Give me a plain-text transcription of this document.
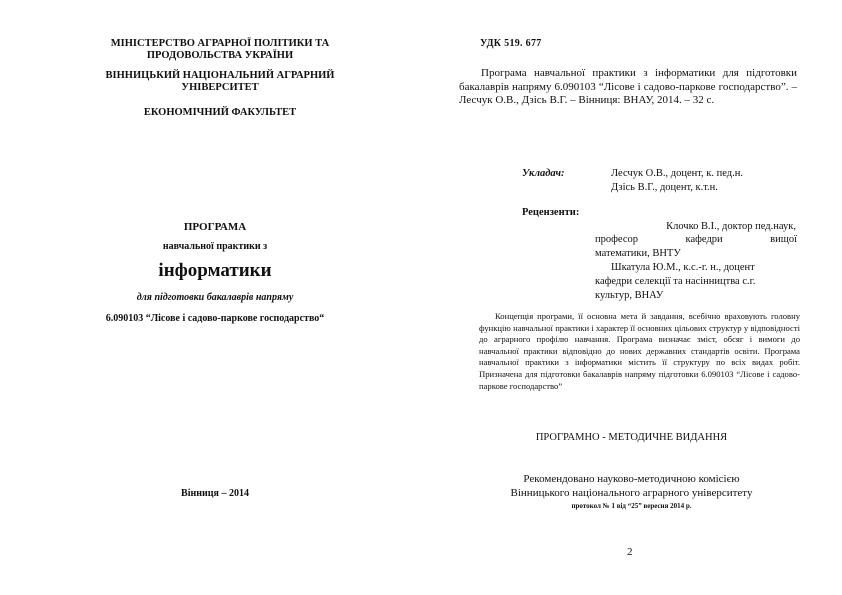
МІНІСТЕРСТВО АГРАРНОЇ ПОЛІТИКИ ТА
ПРОДОВОЛЬСТВА УКРАЇНИ
ВІННИЦЬКИЙ НАЦІОНАЛЬНИЙ АГРАРНИЙ
УНІВЕРСИТЕТ
ЕКОНОМІЧНИЙ ФАКУЛЬТЕТ
ПРОГРАМА
навчальної практики з
інформатики
для підготовки бакалаврів напряму
6.090103 “Лісове і садово-паркове господарство“
Вінниця – 2014
УДК 519. 677
Програма навчальної практики з інформатики для підготовки бакалаврів напряму 6.090103 “Лісове і садово-паркове господарство”. – Лесчук О.В., Дзісь В.Г. – Вінниця: ВНАУ, 2014. – 32 с.
Укладач:	Лесчук О.В., доцент, к. пед.н.
Дзісь В.Г., доцент, к.т.н.
Рецензенти:
Клочко В.І., доктор пед.наук,
професор	кафедри	вищої
математики, ВНТУ
Шкатула Ю.М., к.с.-г. н., доцент
кафедри селекції та насінництва с.г.
культур, ВНАУ
Концепція програми, її основна мета й завдання, всебічно враховують головну функцію навчальної практики і характер її основних цільових структур у відповідності до аграрного профілю навчання. Програма визначає зміст, обсяг і вимоги до навчальної практики відповідно до нових державних стандартів освіти. Програма навчальної практики з інформатики містить її структуру по всіх видах робіт. Призначена для підготовки бакалаврів напряму підготовки 6.090103 “Лісове і садово-паркове господарство”
ПРОГРАМНО - МЕТОДИЧНЕ ВИДАННЯ
Рекомендовано науково-методичною комісією
Вінницького національного аграрного університету
протокол № 1 від “25” вересня 2014 р.
2
